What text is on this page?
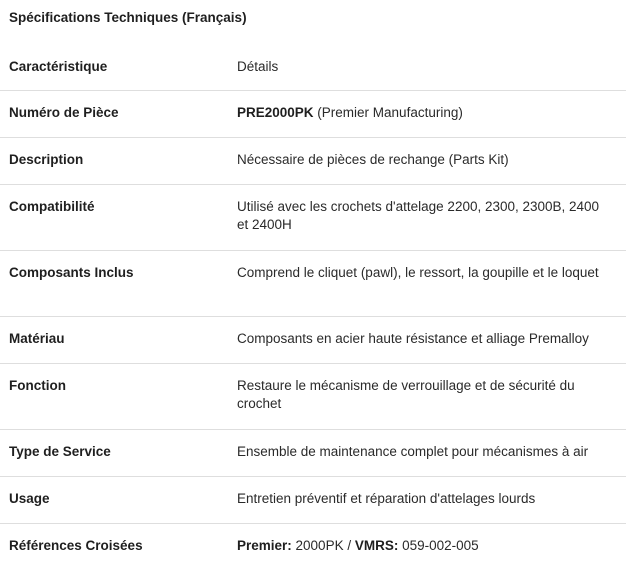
Spécifications Techniques (Français)
Caractéristique	Détails
Numéro de Pièce	PRE2000PK (Premier Manufacturing)
Description	Nécessaire de pièces de rechange (Parts Kit)
Compatibilité	Utilisé avec les crochets d'attelage 2200, 2300, 2300B, 2400 et 2400H
Composants Inclus	Comprend le cliquet (pawl), le ressort, la goupille et le loquet
Matériau	Composants en acier haute résistance et alliage Premalloy
Fonction	Restaure le mécanisme de verrouillage et de sécurité du crochet
Type de Service	Ensemble de maintenance complet pour mécanismes à air
Usage	Entretien préventif et réparation d'attelages lourds
Références Croisées	Premier: 2000PK / VMRS: 059-002-005
